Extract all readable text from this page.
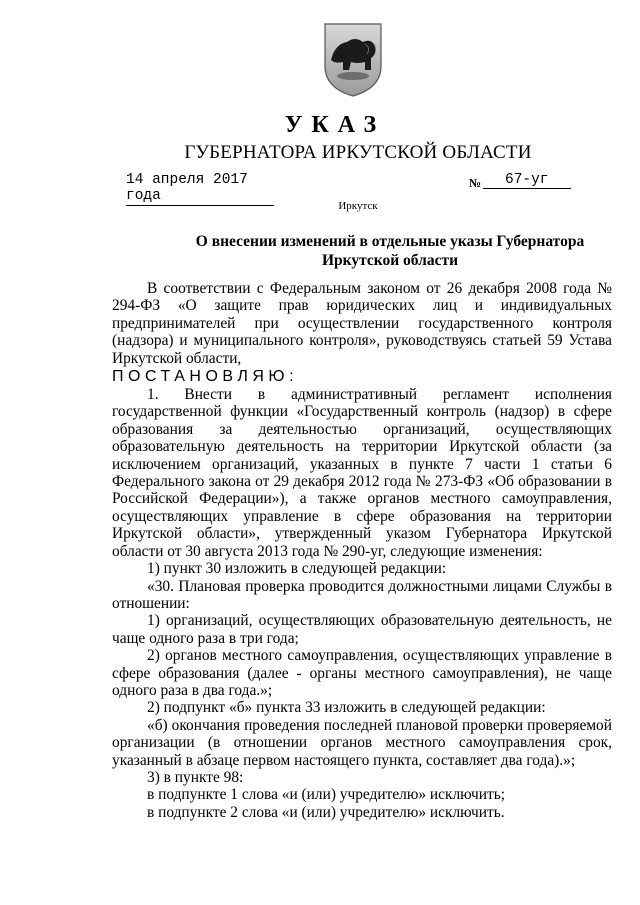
УКАЗ
ГУБЕРНАТОРА ИРКУТСКОЙ ОБЛАСТИ
14 апреля 2017 года
№	67-уг
Иркутск
О внесении изменений в отдельные указы Губернатора
Иркутской области

В соответствии с Федеральным законом от 26 декабря 2008 года № 294-ФЗ «О защите прав юридических лиц и индивидуальных предпринимателей при осуществлении государственного контроля (надзора) и муниципального контроля», руководствуясь статьей 59 Устава Иркутской области,

ПОСТАНОВЛЯЮ:

1. Внести в административный регламент исполнения государственной функции «Государственный контроль (надзор) в сфере образования за деятельностью организаций, осуществляющих образовательную деятельность на территории Иркутской области (за исключением организаций, указанных в пункте 7 части 1 статьи 6 Федерального закона от 29 декабря 2012 года № 273-ФЗ «Об образовании в Российской Федерации»), а также органов местного самоуправления, осуществляющих управление в сфере образования на территории Иркутской области», утвержденный указом Губернатора Иркутской области от 30 августа 2013 года № 290-уг, следующие изменения:

1) пункт 30 изложить в следующей редакции:

«30. Плановая проверка проводится должностными лицами Службы в отношении:

1) организаций, осуществляющих образовательную деятельность, не чаще одного раза в три года;

2) органов местного самоуправления, осуществляющих управление в сфере образования (далее - органы местного самоуправления), не чаще одного раза в два года.»;

2) подпункт «б» пункта 33 изложить в следующей редакции:

«б) окончания проведения последней плановой проверки проверяемой организации (в отношении органов местного самоуправления срок, указанный в абзаце первом настоящего пункта, составляет два года).»;

3) в пункте 98:

в подпункте 1 слова «и (или) учредителю» исключить;

в подпункте 2 слова «и (или) учредителю» исключить.
